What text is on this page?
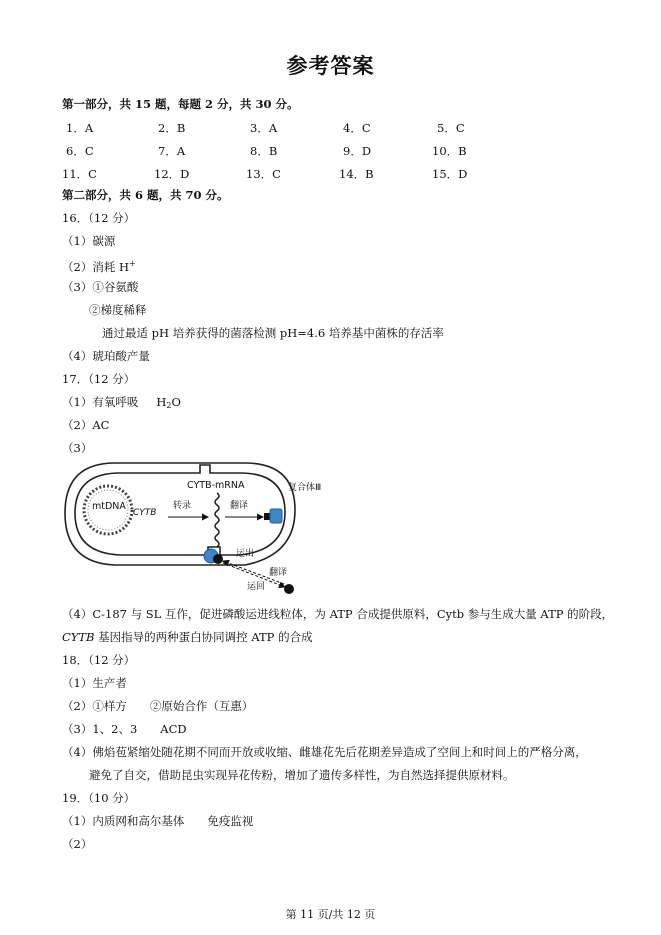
参考答案
第一部分，共 15 题，每题 2 分，共 30 分。
1．A	2．B	3．A	4．C	5．C
6．C	7．A	8．B	9．D	10．B
11．C	12．D	13．C	14．B	15．D
第二部分，共 6 题，共 70 分。
16．（12 分）
（1）碳源
（2）消耗 H+
（3）①谷氨酸
②梯度稀释
通过最适 pH 培养获得的菌落检测 pH=4.6 培养基中菌株的存活率
（4）琥珀酸产量
17．（12 分）
（1）有氧呼吸 $H_2O$
（2）AC
（3）
mtDNA
CYTB
CYTB-mRNA
转录	翻译
复合体Ⅲ
运出
翻译
运回
（4）C-187 与 SL 互作，促进磷酸运进线粒体，为 ATP 合成提供原料，Cytb 参与生成大量 ATP 的阶段，
CYTB 基因指导的两种蛋白协同调控 ATP 的合成
18．（12 分）
（1）生产者
（2）①样方　　②原始合作（互惠）
（3）1、2、3　　ACD
（4）佛焰苞紧缩处随花期不同而开放或收缩、雌雄花先后花期差异造成了空间上和时间上的严格分离，
避免了自交，借助昆虫实现异花传粉，增加了遗传多样性，为自然选择提供原材料。
19．（10 分）
（1）内质网和高尔基体　　免疫监视
（2）
第 11 页/共 12 页
